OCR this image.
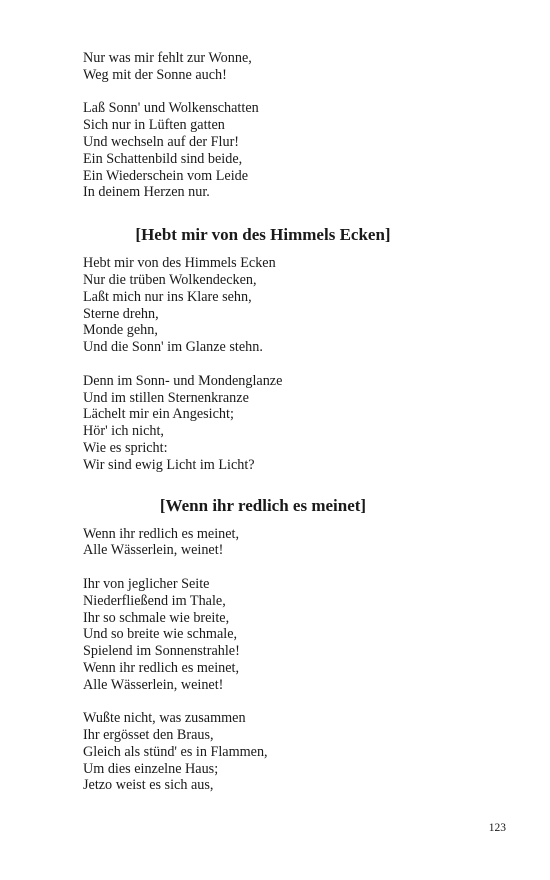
Nur was mir fehlt zur Wonne,
Weg mit der Sonne auch!
Laß Sonn' und Wolkenschatten
Sich nur in Lüften gatten
Und wechseln auf der Flur!
Ein Schattenbild sind beide,
Ein Wiederschein vom Leide
In deinem Herzen nur.
[Hebt mir von des Himmels Ecken]
Hebt mir von des Himmels Ecken
Nur die trüben Wolkendecken,
Laßt mich nur ins Klare sehn,
Sterne drehn,
Monde gehn,
Und die Sonn' im Glanze stehn.
Denn im Sonn- und Mondenglanze
Und im stillen Sternenkranze
Lächelt mir ein Angesicht;
Hör' ich nicht,
Wie es spricht:
Wir sind ewig Licht im Licht?
[Wenn ihr redlich es meinet]
Wenn ihr redlich es meinet,
Alle Wässerlein, weinet!
Ihr von jeglicher Seite
Niederfließend im Thale,
Ihr so schmale wie breite,
Und so breite wie schmale,
Spielend im Sonnenstrahle!
Wenn ihr redlich es meinet,
Alle Wässerlein, weinet!
Wußte nicht, was zusammen
Ihr ergösset den Braus,
Gleich als stünd' es in Flammen,
Um dies einzelne Haus;
Jetzo weist es sich aus,
123
